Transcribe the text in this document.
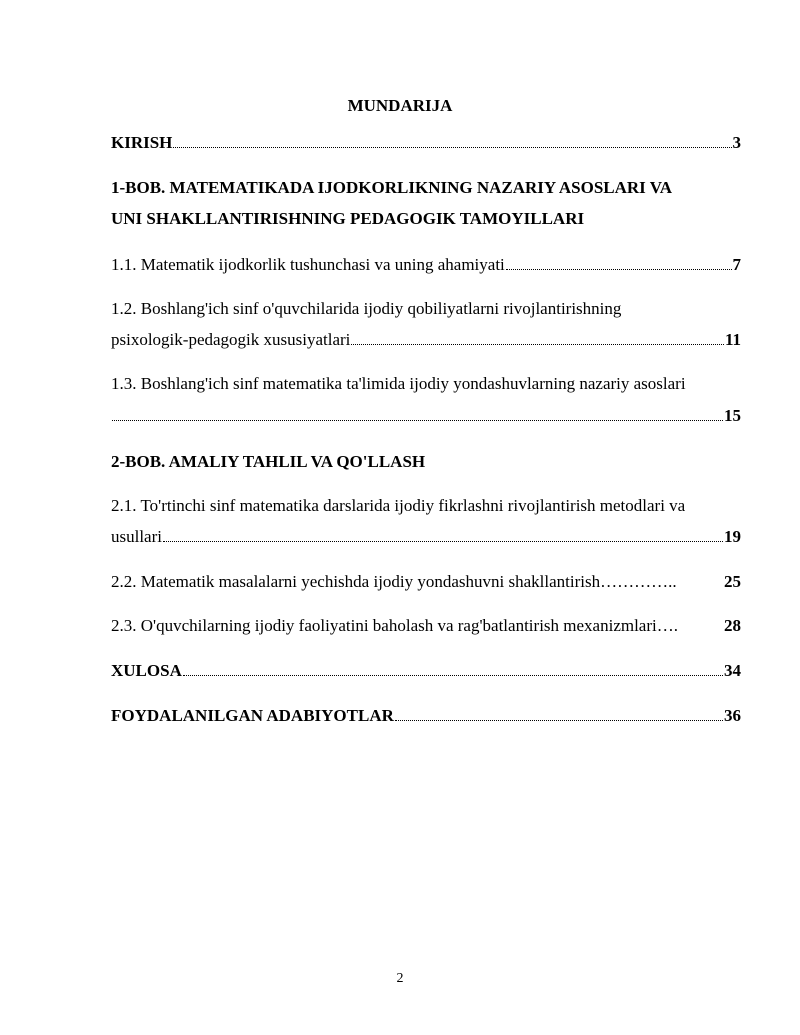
MUNDARIJA
KIRISH	3
1-BOB. MATEMATIKADA IJODKORLIKNING NAZARIY ASOSLARI VA
UNI SHAKLLANTIRISHNING PEDAGOGIK TAMOYILLARI
1.1. Matematik ijodkorlik tushunchasi va uning ahamiyati	7
1.2. Boshlang'ich sinf o'quvchilarida ijodiy qobiliyatlarni rivojlantirishning
psixologik-pedagogik xususiyatlari	11
1.3. Boshlang'ich sinf matematika ta'limida ijodiy yondashuvlarning nazariy asoslari
15
2-BOB. AMALIY TAHLIL VA QO'LLASH
2.1. To'rtinchi sinf matematika darslarida ijodiy fikrlashni rivojlantirish metodlari va
usullari	19
2.2. Matematik masalalarni yechishda ijodiy yondashuvni shakllantirish …………..	25
2.3. O'quvchilarning ijodiy faoliyatini baholash va rag'batlantirish mexanizmlari ….	28
XULOSA	34
FOYDALANILGAN ADABIYOTLAR	36
2
